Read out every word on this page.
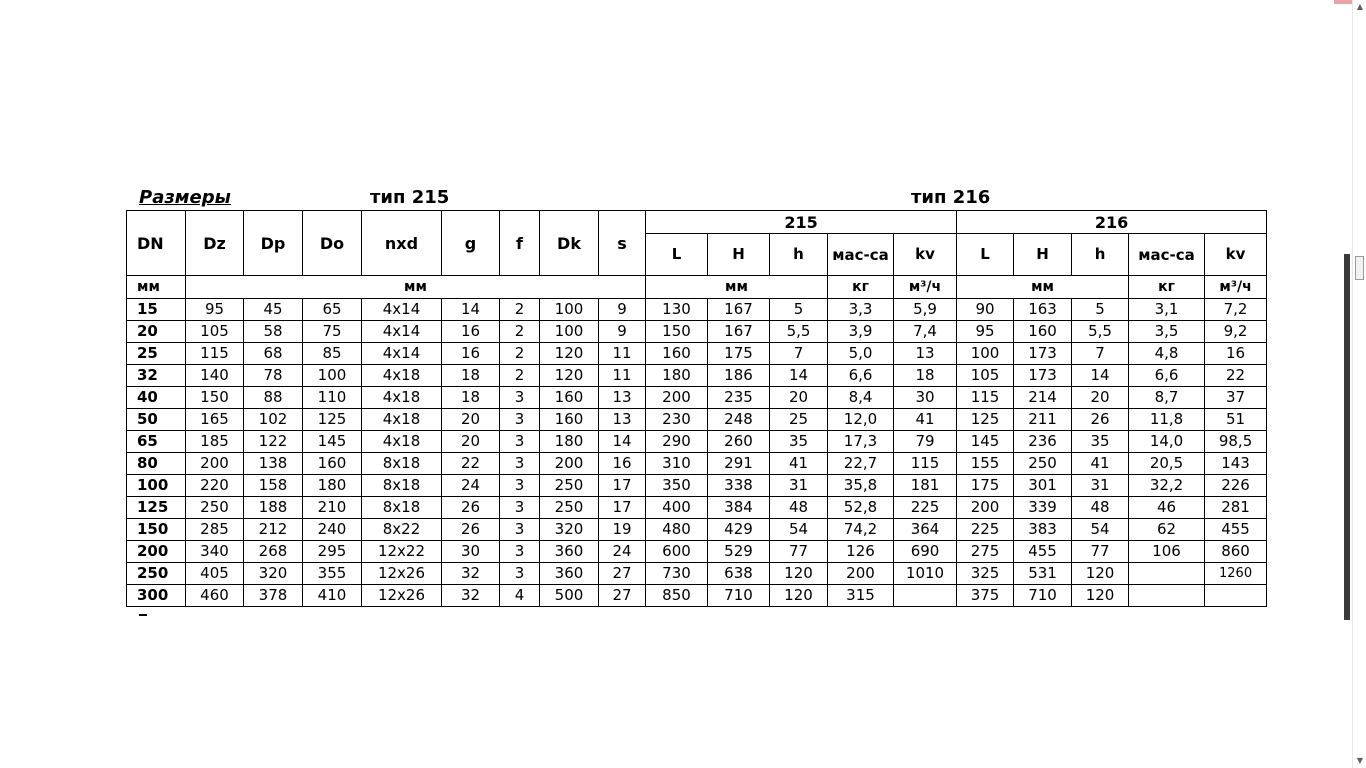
Размеры	тип 215	тип 216
DN	Dz	Dp	Do	nxd	g	f	Dk	s	215					216				
									L	H	h	мас-са	kv	L	H	h	мас-са	kv
мм	мм								мм			кг	м³/ч	мм			кг	м³/ч
15	95	45	65	4x14	14	2	100	9	130	167	5	3,3	5,9	90	163	5	3,1	7,2
20	105	58	75	4x14	16	2	100	9	150	167	5,5	3,9	7,4	95	160	5,5	3,5	9,2
25	115	68	85	4x14	16	2	120	11	160	175	7	5,0	13	100	173	7	4,8	16
32	140	78	100	4x18	18	2	120	11	180	186	14	6,6	18	105	173	14	6,6	22
40	150	88	110	4x18	18	3	160	13	200	235	20	8,4	30	115	214	20	8,7	37
50	165	102	125	4x18	20	3	160	13	230	248	25	12,0	41	125	211	26	11,8	51
65	185	122	145	4x18	20	3	180	14	290	260	35	17,3	79	145	236	35	14,0	98,5
80	200	138	160	8x18	22	3	200	16	310	291	41	22,7	115	155	250	41	20,5	143
100	220	158	180	8x18	24	3	250	17	350	338	31	35,8	181	175	301	31	32,2	226
125	250	188	210	8x18	26	3	250	17	400	384	48	52,8	225	200	339	48	46	281
150	285	212	240	8x22	26	3	320	19	480	429	54	74,2	364	225	383	54	62	455
200	340	268	295	12x22	30	3	360	24	600	529	77	126	690	275	455	77	106	860
250	405	320	355	12x26	32	3	360	27	730	638	120	200	1010	325	531	120		1260
300	460	378	410	12x26	32	4	500	27	850	710	120	315		375	710	120		
▲
▼
